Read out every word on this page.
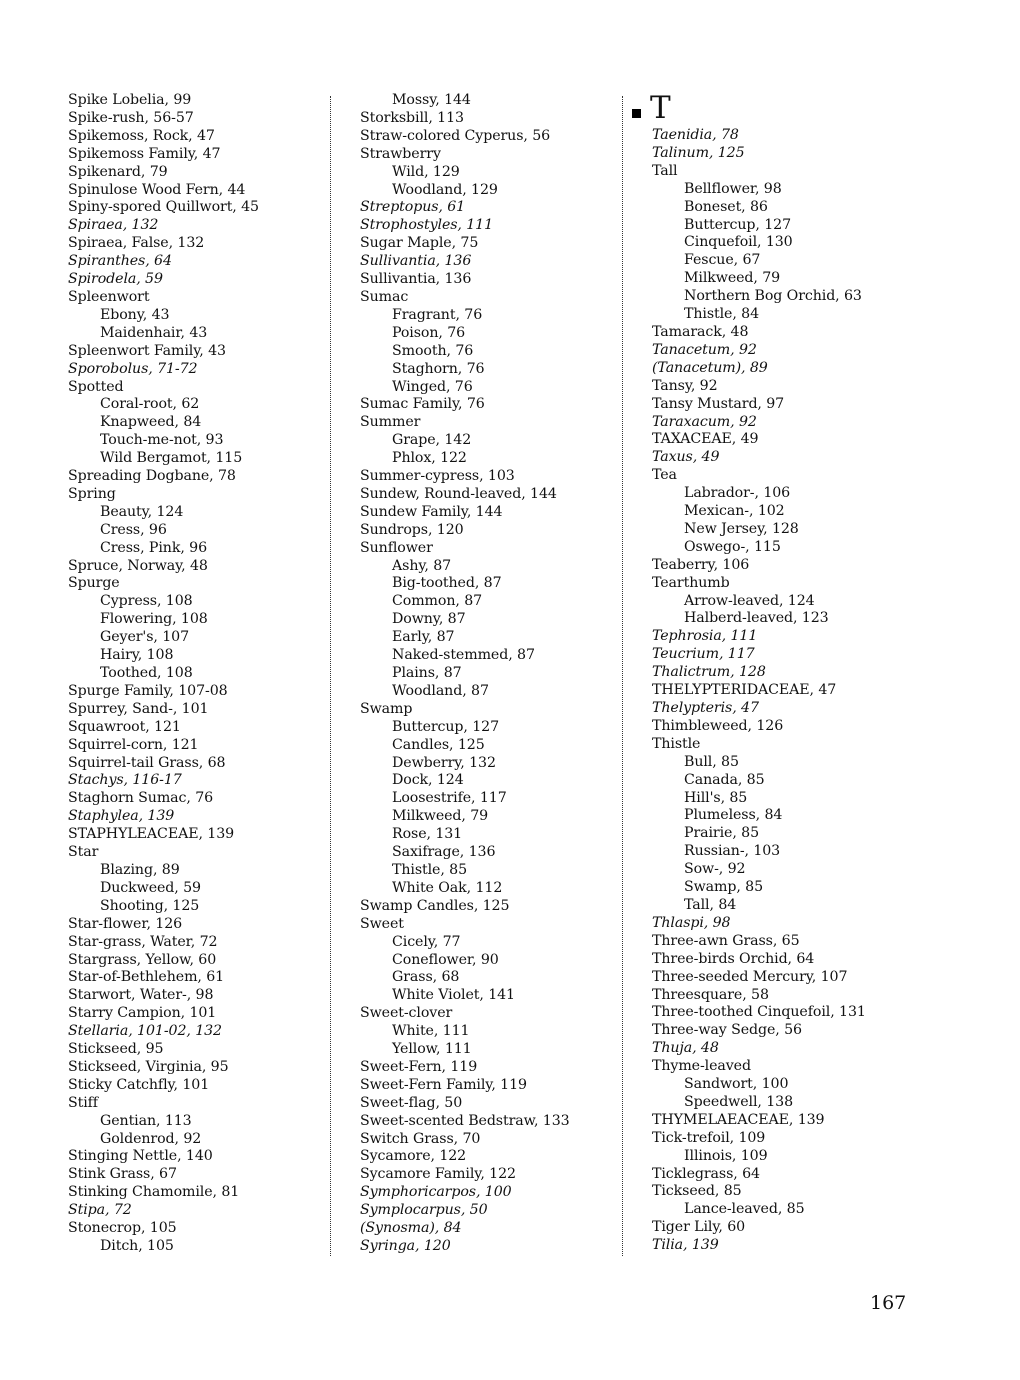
Spike Lobelia, 99
Spike-rush, 56-57
Spikemoss, Rock, 47
Spikemoss Family, 47
Spikenard, 79
Spinulose Wood Fern, 44
Spiny-spored Quillwort, 45
Spiraea, 132
Spiraea, False, 132
Spiranthes, 64
Spirodela, 59
Spleenwort
Ebony, 43
Maidenhair, 43
Spleenwort Family, 43
Sporobolus, 71-72
Spotted
Coral-root, 62
Knapweed, 84
Touch-me-not, 93
Wild Bergamot, 115
Spreading Dogbane, 78
Spring
Beauty, 124
Cress, 96
Cress, Pink, 96
Spruce, Norway, 48
Spurge
Cypress, 108
Flowering, 108
Geyer's, 107
Hairy, 108
Toothed, 108
Spurge Family, 107-08
Spurrey, Sand-, 101
Squawroot, 121
Squirrel-corn, 121
Squirrel-tail Grass, 68
Stachys, 116-17
Staghorn Sumac, 76
Staphylea, 139
STAPHYLEACEAE, 139
Star
Blazing, 89
Duckweed, 59
Shooting, 125
Star-flower, 126
Star-grass, Water, 72
Stargrass, Yellow, 60
Star-of-Bethlehem, 61
Starwort, Water-, 98
Starry Campion, 101
Stellaria, 101-02, 132
Stickseed, 95
Stickseed, Virginia, 95
Sticky Catchfly, 101
Stiff
Gentian, 113
Goldenrod, 92
Stinging Nettle, 140
Stink Grass, 67
Stinking Chamomile, 81
Stipa, 72
Stonecrop, 105
Ditch, 105
Mossy, 144
Storksbill, 113
Straw-colored Cyperus, 56
Strawberry
Wild, 129
Woodland, 129
Streptopus, 61
Strophostyles, 111
Sugar Maple, 75
Sullivantia, 136
Sullivantia, 136
Sumac
Fragrant, 76
Poison, 76
Smooth, 76
Staghorn, 76
Winged, 76
Sumac Family, 76
Summer
Grape, 142
Phlox, 122
Summer-cypress, 103
Sundew, Round-leaved, 144
Sundew Family, 144
Sundrops, 120
Sunflower
Ashy, 87
Big-toothed, 87
Common, 87
Downy, 87
Early, 87
Naked-stemmed, 87
Plains, 87
Woodland, 87
Swamp
Buttercup, 127
Candles, 125
Dewberry, 132
Dock, 124
Loosestrife, 117
Milkweed, 79
Rose, 131
Saxifrage, 136
Thistle, 85
White Oak, 112
Swamp Candles, 125
Sweet
Cicely, 77
Coneflower, 90
Grass, 68
White Violet, 141
Sweet-clover
White, 111
Yellow, 111
Sweet-Fern, 119
Sweet-Fern Family, 119
Sweet-flag, 50
Sweet-scented Bedstraw, 133
Switch Grass, 70
Sycamore, 122
Sycamore Family, 122
Symphoricarpos, 100
Symplocarpus, 50
(Synosma), 84
Syringa, 120
T
Taenidia, 78
Talinum, 125
Tall
Bellflower, 98
Boneset, 86
Buttercup, 127
Cinquefoil, 130
Fescue, 67
Milkweed, 79
Northern Bog Orchid, 63
Thistle, 84
Tamarack, 48
Tanacetum, 92
(Tanacetum), 89
Tansy, 92
Tansy Mustard, 97
Taraxacum, 92
TAXACEAE, 49
Taxus, 49
Tea
Labrador-, 106
Mexican-, 102
New Jersey, 128
Oswego-, 115
Teaberry, 106
Tearthumb
Arrow-leaved, 124
Halberd-leaved, 123
Tephrosia, 111
Teucrium, 117
Thalictrum, 128
THELYPTERIDACEAE, 47
Thelypteris, 47
Thimbleweed, 126
Thistle
Bull, 85
Canada, 85
Hill's, 85
Plumeless, 84
Prairie, 85
Russian-, 103
Sow-, 92
Swamp, 85
Tall, 84
Thlaspi, 98
Three-awn Grass, 65
Three-birds Orchid, 64
Three-seeded Mercury, 107
Threesquare, 58
Three-toothed Cinquefoil, 131
Three-way Sedge, 56
Thuja, 48
Thyme-leaved
Sandwort, 100
Speedwell, 138
THYMELAEACEAE, 139
Tick-trefoil, 109
Illinois, 109
Ticklegrass, 64
Tickseed, 85
Lance-leaved, 85
Tiger Lily, 60
Tilia, 139
167
